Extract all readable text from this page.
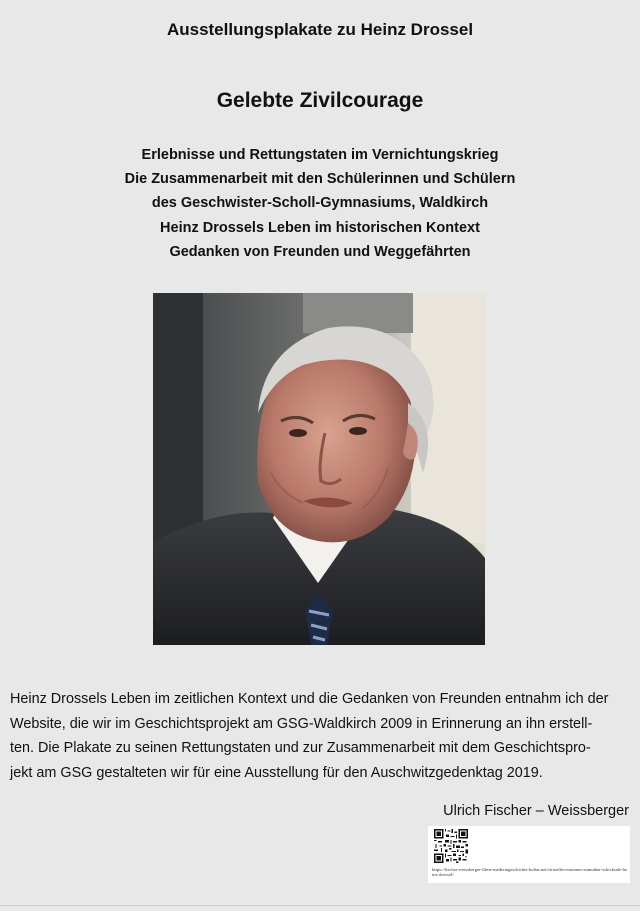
Ausstellungsplakate zu Heinz Drossel
Gelebte Zivilcourage
Erlebnisse und Rettungstaten im Vernichtungskrieg
Die Zusammenarbeit mit den Schülerinnen und Schülern
des Geschwister-Scholl-Gymnasiums, Waldkirch
Heinz Drossels Leben im historischen Kontext
Gedanken von Freunden und Weggefährten
Heinz Drossels Leben im zeitlichen Kontext und die Gedanken von Freunden entnahm ich der
Website, die wir im Geschichtsprojekt am GSG-Waldkirch 2009 in Erinnerung an ihn erstell-
ten. Die Plakate zu seinen Rettungstaten und zur Zusammenarbeit mit dem Geschichtspro-
jekt am GSG gestalteten wir für eine Ausstellung für den Auschwitzgedenktag 2019.
Ulrich Fischer – Weissberger
https://fischer-weissberger-filme-medizingeschichte-kultur.net/virtuelles-museum-zumutbar-schicksale-heinz-drossel/
